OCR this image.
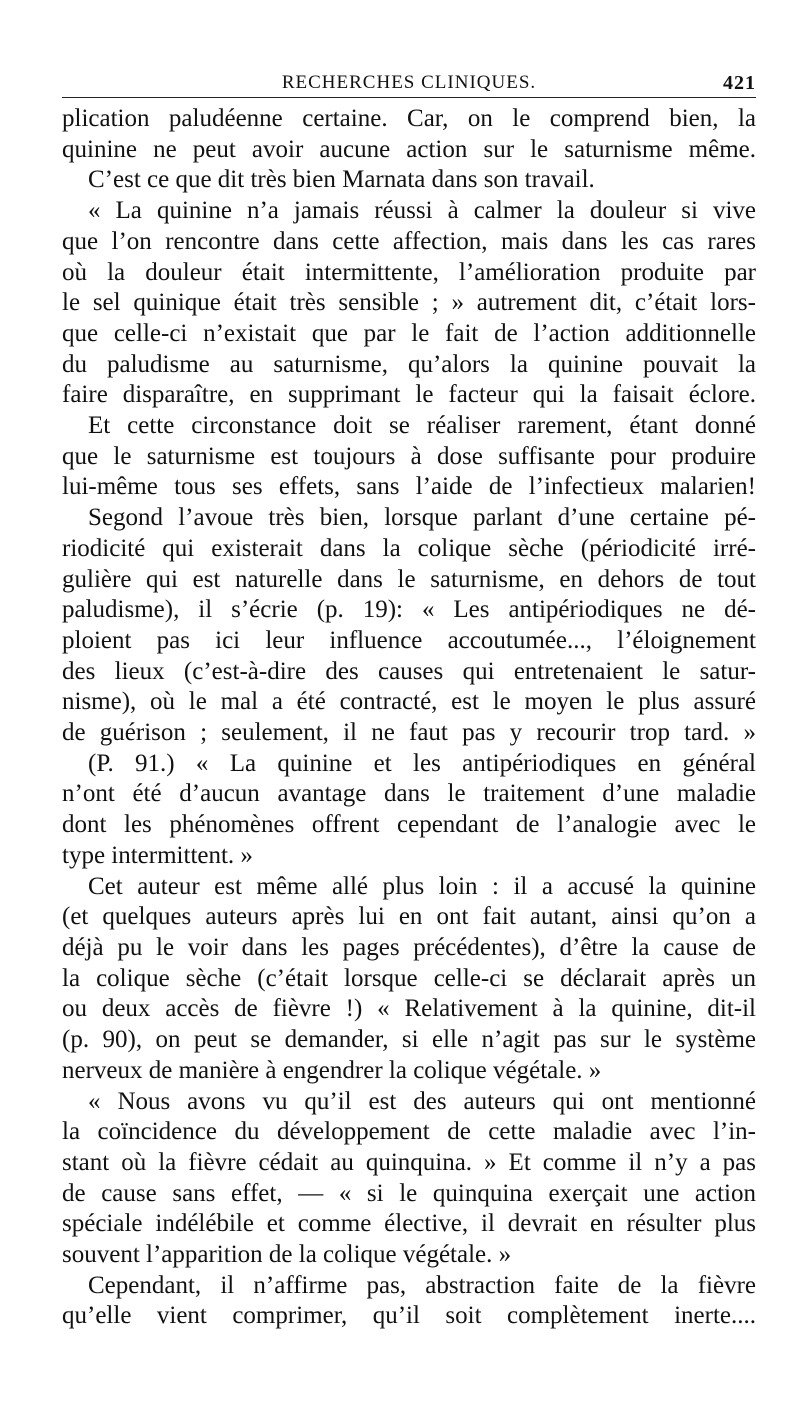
RECHERCHES CLINIQUES.	421

plication paludéenne certaine. Car, on le comprend bien, la

quinine ne peut avoir aucune action sur le saturnisme même.

C’est ce que dit très bien Marnata dans son travail.

« La quinine n’a jamais réussi à calmer la douleur si vive

que l’on rencontre dans cette affection, mais dans les cas rares

où la douleur était intermittente, l’amélioration produite par

le sel quinique était très sensible ; » autrement dit, c’était lors-

que celle-ci n’existait que par le fait de l’action additionnelle

du paludisme au saturnisme, qu’alors la quinine pouvait la

faire disparaître, en supprimant le facteur qui la faisait éclore.

Et cette circonstance doit se réaliser rarement, étant donné

que le saturnisme est toujours à dose suffisante pour produire

lui-même tous ses effets, sans l’aide de l’infectieux malarien!

Segond l’avoue très bien, lorsque parlant d’une certaine pé-

riodicité qui existerait dans la colique sèche (périodicité irré-

gulière qui est naturelle dans le saturnisme, en dehors de tout

paludisme), il s’écrie (p. 19): « Les antipériodiques ne dé-

ploient pas ici leur influence accoutumée..., l’éloignement

des lieux (c’est-à-dire des causes qui entretenaient le satur-

nisme), où le mal a été contracté, est le moyen le plus assuré

de guérison ; seulement, il ne faut pas y recourir trop tard. »

(P. 91.) « La quinine et les antipériodiques en général

n’ont été d’aucun avantage dans le traitement d’une maladie

dont les phénomènes offrent cependant de l’analogie avec le

type intermittent. »

Cet auteur est même allé plus loin : il a accusé la quinine

(et quelques auteurs après lui en ont fait autant, ainsi qu’on a

déjà pu le voir dans les pages précédentes), d’être la cause de

la colique sèche (c’était lorsque celle-ci se déclarait après un

ou deux accès de fièvre !) « Relativement à la quinine, dit-il

(p. 90), on peut se demander, si elle n’agit pas sur le système

nerveux de manière à engendrer la colique végétale. »

« Nous avons vu qu’il est des auteurs qui ont mentionné

la coïncidence du développement de cette maladie avec l’in-

stant où la fièvre cédait au quinquina. » Et comme il n’y a pas

de cause sans effet, — « si le quinquina exerçait une action

spéciale indélébile et comme élective, il devrait en résulter plus

souvent l’apparition de la colique végétale. »

Cependant, il n’affirme pas, abstraction faite de la fièvre

qu’elle vient comprimer, qu’il soit complètement inerte....
